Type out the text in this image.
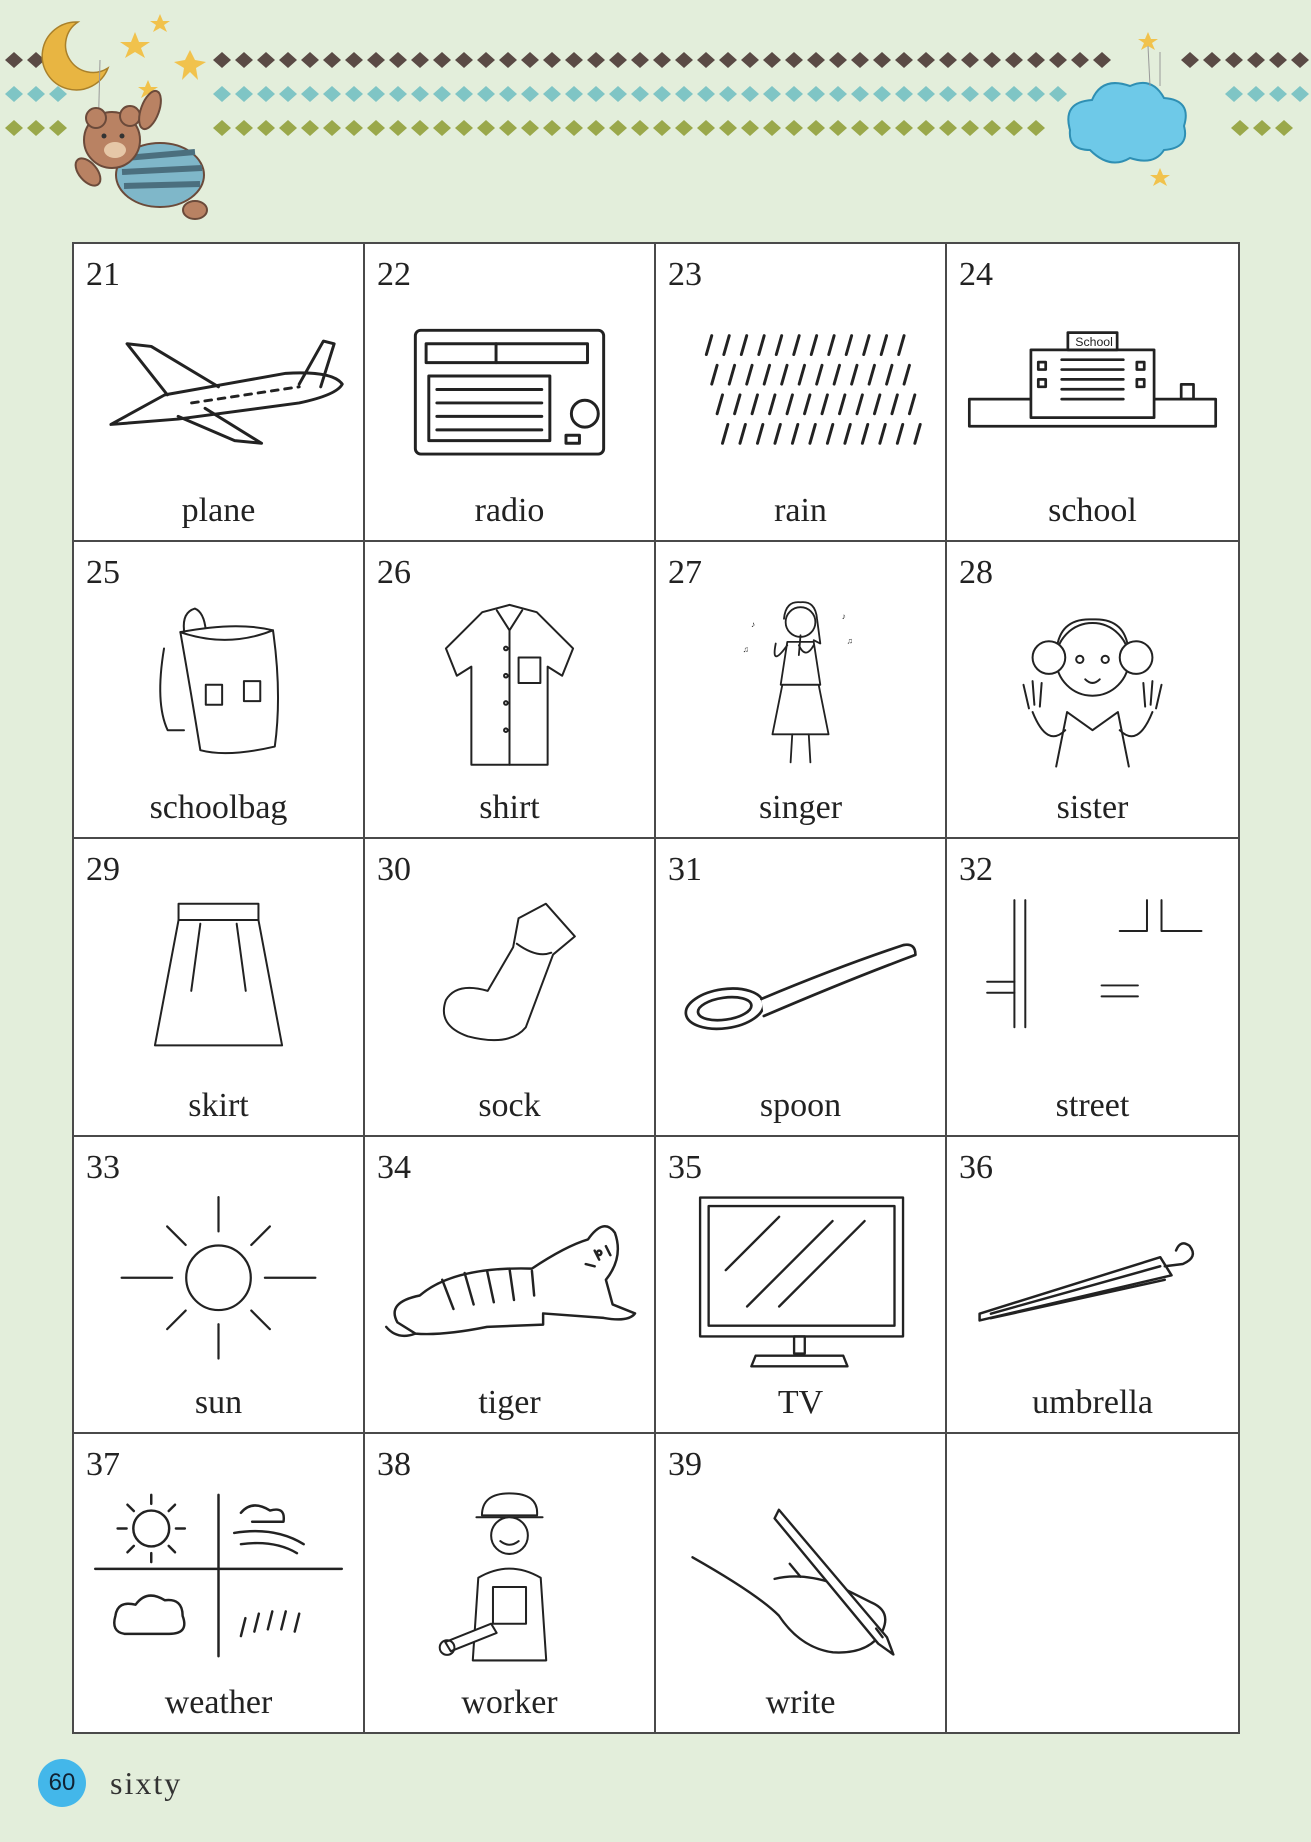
21
plane
22
radio
23
rain
24
School
school
25
schoolbag
26
shirt
27
♪
♪
♫
♫
singer
28
sister
29
skirt
30
sock
31
spoon
32
street
33
sun
34
tiger
35
TV
36
umbrella
37
weather
38
worker
39
write
60	sixty
